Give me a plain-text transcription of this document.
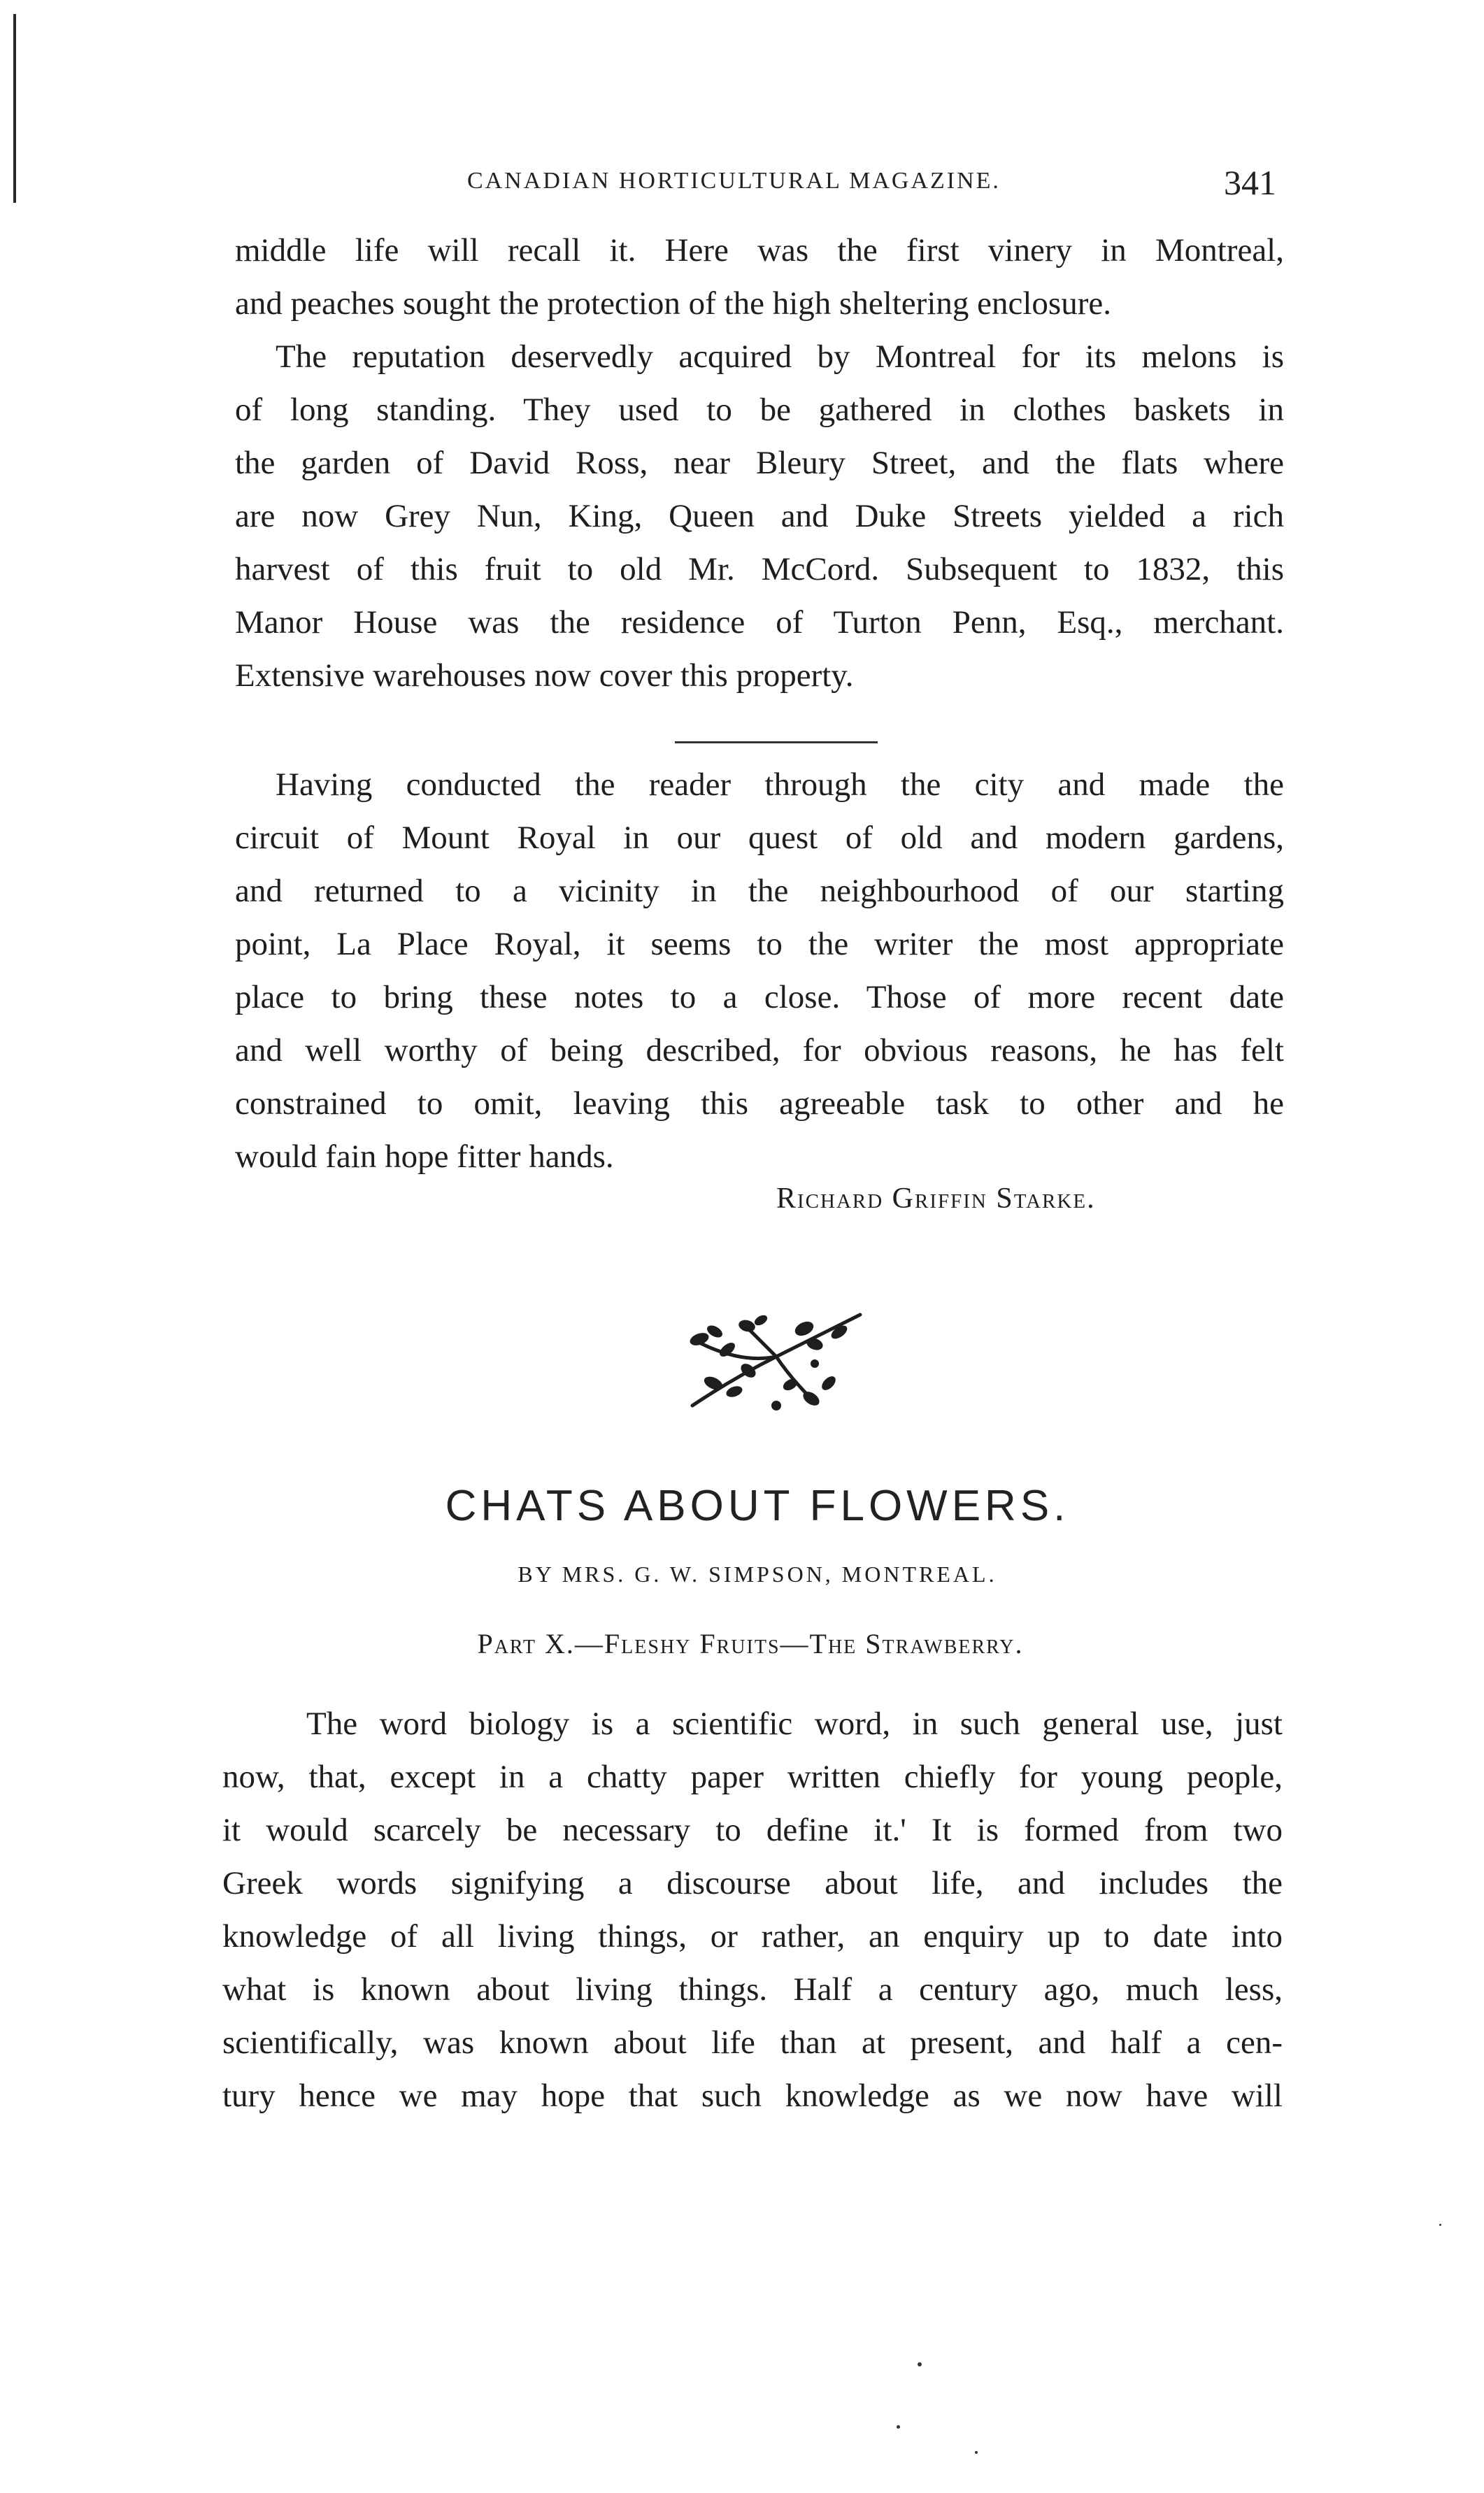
CANADIAN HORTICULTURAL MAGAZINE.	341
middle life will recall it. Here was the first vinery in Montreal,
and peaches sought the protection of the high sheltering enclosure.
The reputation deservedly acquired by Montreal for its melons is
of long standing. They used to be gathered in clothes baskets in
the garden of David Ross, near Bleury Street, and the flats where
are now Grey Nun, King, Queen and Duke Streets yielded a rich
harvest of this fruit to old Mr. McCord. Subsequent to 1832, this
Manor House was the residence of Turton Penn, Esq., merchant.
Extensive warehouses now cover this property.
Having conducted the reader through the city and made the
circuit of Mount Royal in our quest of old and modern gardens,
and returned to a vicinity in the neighbourhood of our starting
point, La Place Royal, it seems to the writer the most appropriate
place to bring these notes to a close. Those of more recent date
and well worthy of being described, for obvious reasons, he has felt
constrained to omit, leaving this agreeable task to other and he
would fain hope fitter hands.
Richard Griffin Starke.
CHATS ABOUT FLOWERS.
BY MRS. G. W. SIMPSON, MONTREAL.
Part X.—Fleshy Fruits—The Strawberry.
The word biology is a scientific word, in such general use, just
now, that, except in a chatty paper written chiefly for young people,
it would scarcely be necessary to define it.' It is formed from two
Greek words signifying a discourse about life, and includes the
knowledge of all living things, or rather, an enquiry up to date into
what is known about living things. Half a century ago, much less,
scientifically, was known about life than at present, and half a cen-
tury hence we may hope that such knowledge as we now have will
